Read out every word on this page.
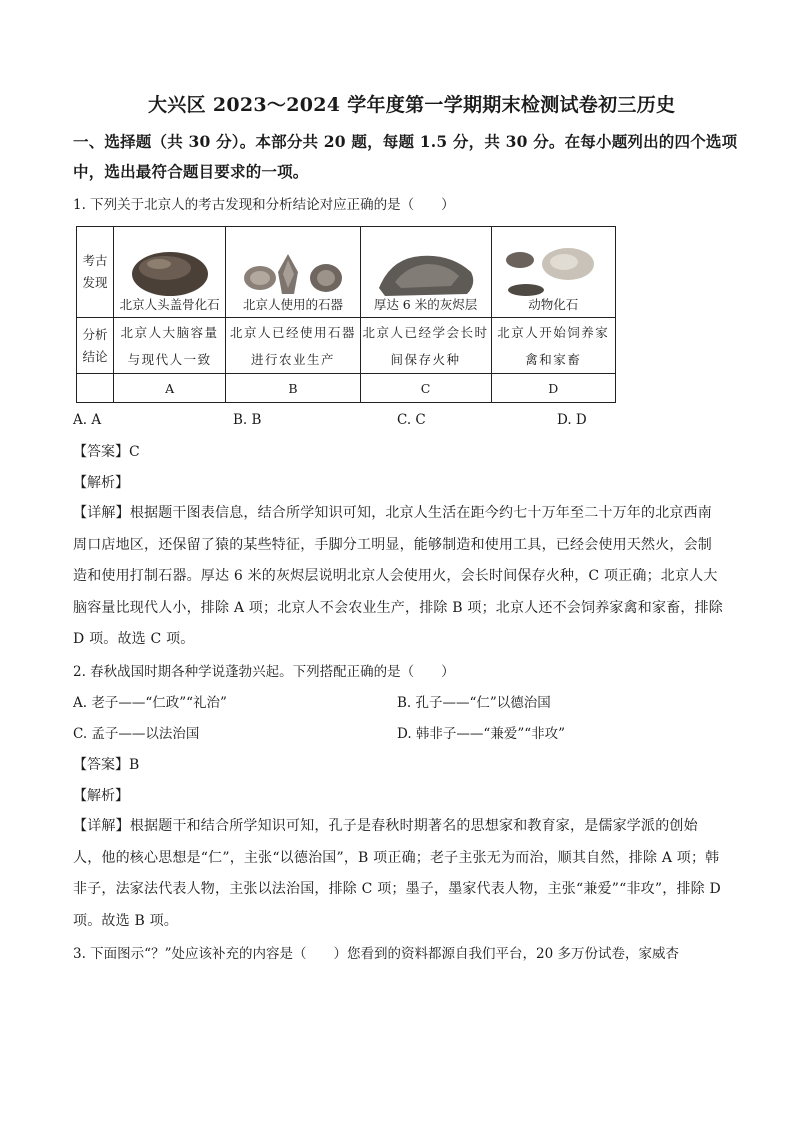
大兴区 2023～2024 学年度第一学期期末检测试卷初三历史
一、选择题（共 30 分）。本部分共 20 题，每题 1.5 分，共 30 分。在每小题列出的四个选项
中，选出最符合题目要求的一项。
1. 下列关于北京人的考古发现和分析结论对应正确的是（　　）
考古
发现	北京人头盖骨化石	北京人使用的石器	厚达 6 米的灰烬层	动物化石

分析
结论	北京人大脑容量与现代人一致	北京人已经使用石器进行农业生产	北京人已经学会长时间保存火种	北京人开始饲养家禽和家畜
	A	B	C	D
A. A	B. B	C. C	D. D
【答案】C
【解析】
【详解】根据题干图表信息，结合所学知识可知，北京人生活在距今约七十万年至二十万年的北京西南周口店地区，还保留了猿的某些特征，手脚分工明显，能够制造和使用工具，已经会使用天然火，会制造和使用打制石器。厚达 6 米的灰烬层说明北京人会使用火，会长时间保存火种，C 项正确；北京人大脑容量比现代人小，排除 A 项；北京人不会农业生产，排除 B 项；北京人还不会饲养家禽和家畜，排除 D 项。故选 C 项。
2. 春秋战国时期各种学说蓬勃兴起。下列搭配正确的是（　　）
A. 老子——“仁政”“礼治”	B. 孔子——“仁”以德治国
C. 孟子——以法治国	D. 韩非子——“兼爱”“非攻”
【答案】B
【解析】
【详解】根据题干和结合所学知识可知，孔子是春秋时期著名的思想家和教育家，是儒家学派的创始人，他的核心思想是“仁”，主张“以德治国”，B 项正确；老子主张无为而治，顺其自然，排除 A 项；韩非子，法家法代表人物，主张以法治国，排除 C 项；墨子，墨家代表人物，主张“兼爱”“非攻”，排除 D 项。故选 B 项。
3. 下面图示“？”处应该补充的内容是（　　）您看到的资料都源自我们平台，20 多万份试卷，家威杏
